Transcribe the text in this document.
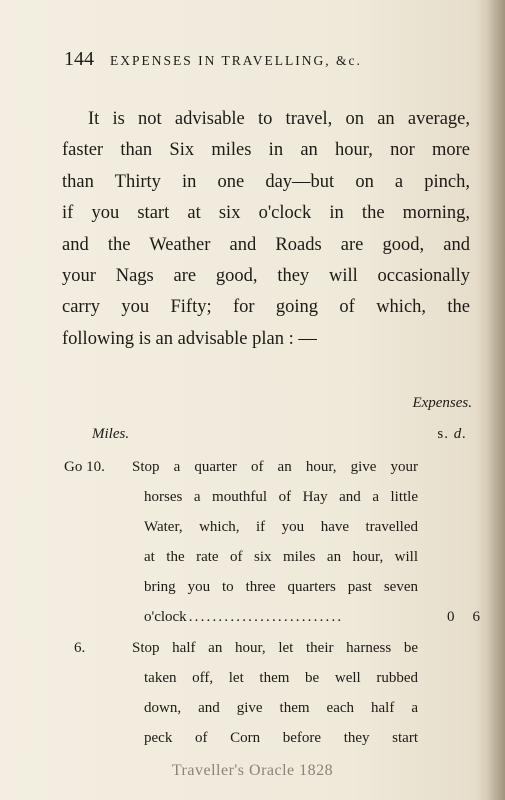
144 EXPENSES IN TRAVELLING, &c.
It is not advisable to travel, on an average,
faster than Six miles in an hour, nor more
than Thirty in one day—but on a pinch,
if you start at six o'clock in the morning,
and the Weather and Roads are good, and
your Nags are good, they will occasionally
carry you Fifty; for going of which, the
following is an advisable plan : —
Expenses.
Miles.	s. d.
Go 10.	Stop a quarter of an hour, give your
horses a mouthful of Hay and a little
Water, which, if you have travelled
at the rate of six miles an hour, will
bring you to three quarters past seven
o'clock ..........................	0 6
6.	Stop half an hour, let their harness be
taken off, let them be well rubbed
down, and give them each half a
peck of Corn before they start
Traveller's Oracle 1828
